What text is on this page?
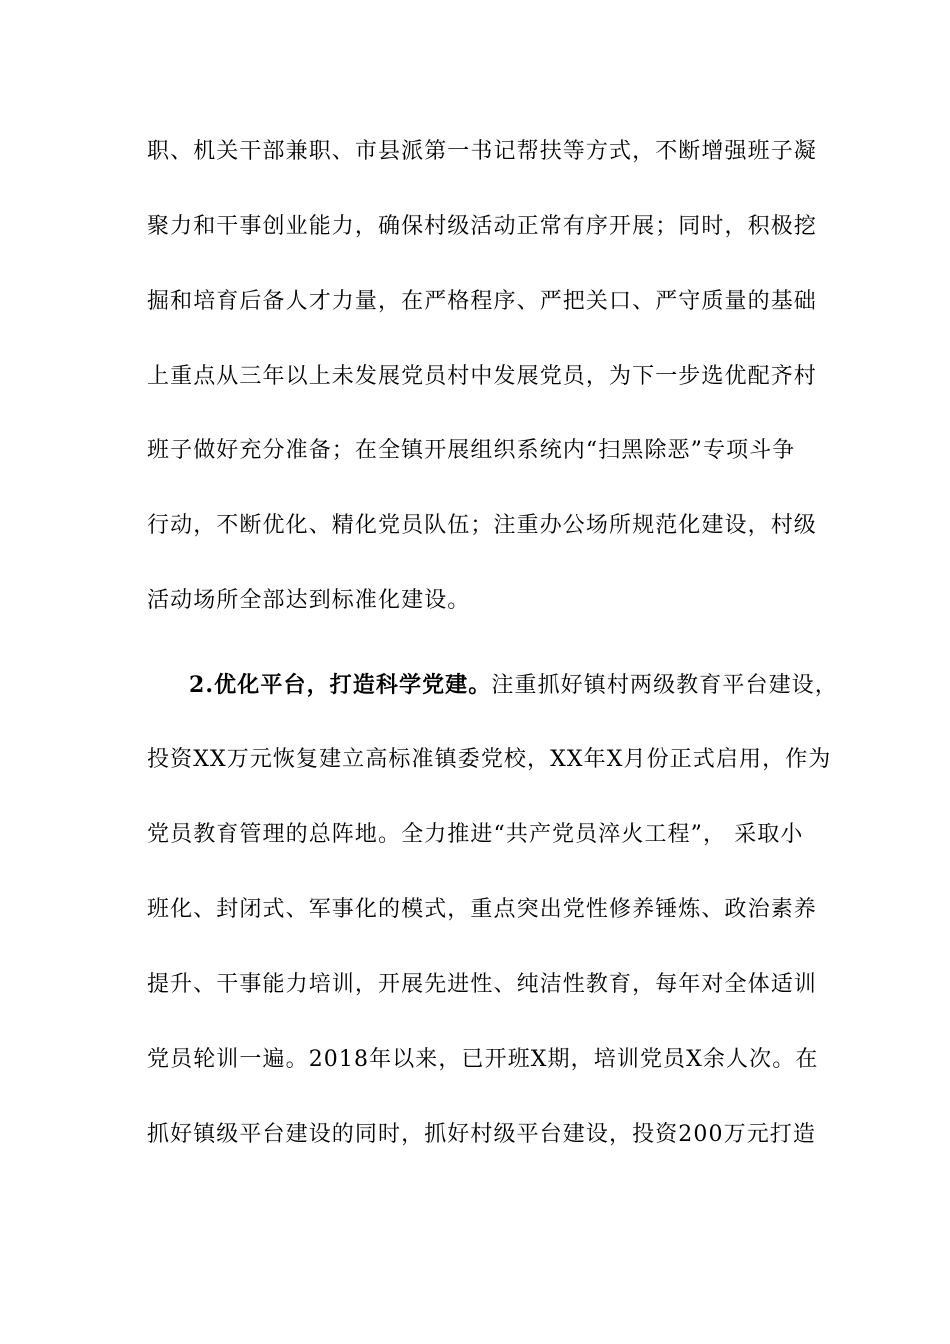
职、机关干部兼职、市县派第一书记帮扶等方式，不断增强班子凝
聚力和干事创业能力，确保村级活动正常有序开展；同时，积极挖
掘和培育后备人才力量，在严格程序、严把关口、严守质量的基础
上重点从三年以上未发展党员村中发展党员，为下一步选优配齐村
班子做好充分准备；在全镇开展组织系统内“扫黑除恶”专项斗争
行动，不断优化、精化党员队伍；注重办公场所规范化建设，村级
活动场所全部达到标准化建设。
2.优化平台，打造科学党建。注重抓好镇村两级教育平台建设，
投资XX万元恢复建立高标准镇委党校，XX年X月份正式启用，作为
党员教育管理的总阵地。全力推进“共产党员淬火工程”， 采取小
班化、封闭式、军事化的模式，重点突出党性修养锤炼、政治素养
提升、干事能力培训，开展先进性、纯洁性教育，每年对全体适训
党员轮训一遍。2018年以来，已开班X期，培训党员X余人次。在
抓好镇级平台建设的同时，抓好村级平台建设，投资200万元打造
